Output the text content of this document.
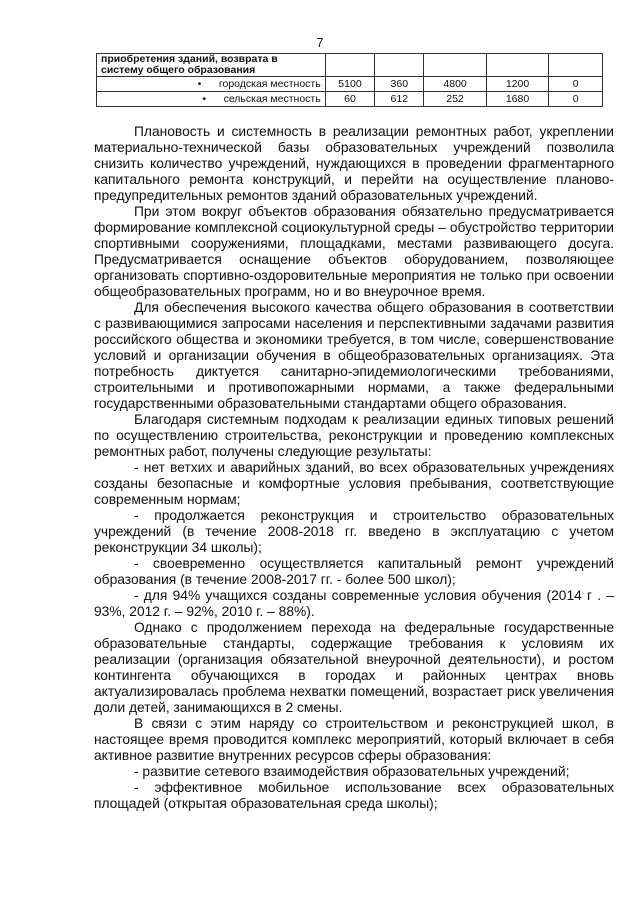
7
приобретения зданий, возврата в систему общего образования					
• городская местность	5100	360	4800	1200	0
• сельская местность	60	612	252	1680	0

Плановость и системность в реализации ремонтных работ, укреплении материально-технической базы образовательных учреждений позволила снизить количество учреждений, нуждающихся в проведении фрагментарного капитального ремонта конструкций, и перейти на осуществление планово-предупредительных ремонтов зданий образовательных учреждений.

При этом вокруг объектов образования обязательно предусматривается формирование комплексной социокультурной среды – обустройство территории спортивными сооружениями, площадками, местами развивающего досуга. Предусматривается оснащение объектов оборудованием, позволяющее организовать спортивно-оздоровительные мероприятия не только при освоении общеобразовательных программ, но и во внеурочное время.

Для обеспечения высокого качества общего образования в соответствии с развивающимися запросами населения и перспективными задачами развития российского общества и экономики требуется, в том числе, совершенствование условий и организации обучения в общеобразовательных организациях. Эта потребность диктуется санитарно-эпидемиологическими требованиями, строительными и противопожарными нормами, а также федеральными государственными образовательными стандартами общего образования.

Благодаря системным подходам к реализации единых типовых решений по осуществлению строительства, реконструкции и проведению комплексных ремонтных работ, получены следующие результаты:

- нет ветхих и аварийных зданий, во всех образовательных учреждениях созданы безопасные и комфортные условия пребывания, соответствующие современным нормам;

- продолжается реконструкция и строительство образовательных учреждений (в течение 2008-2018 гг. введено в эксплуатацию с учетом реконструкции 34 школы);

- своевременно осуществляется капитальный ремонт учреждений образования (в течение 2008-2017 гг. - более 500 школ);

- для 94% учащихся созданы современные условия обучения (2014 г . – 93%, 2012 г. – 92%, 2010 г. – 88%).

Однако с продолжением перехода на федеральные государственные образовательные стандарты, содержащие требования к условиям их реализации (организация обязательной внеурочной деятельности), и ростом контингента обучающихся в городах и районных центрах вновь актуализировалась проблема нехватки помещений, возрастает риск увеличения доли детей, занимающихся в 2 смены.

В связи с этим наряду со строительством и реконструкцией школ, в настоящее время проводится комплекс мероприятий, который включает в себя активное развитие внутренних ресурсов сферы образования:

- развитие сетевого взаимодействия образовательных учреждений;

- эффективное мобильное использование всех образовательных площадей (открытая образовательная среда школы);
